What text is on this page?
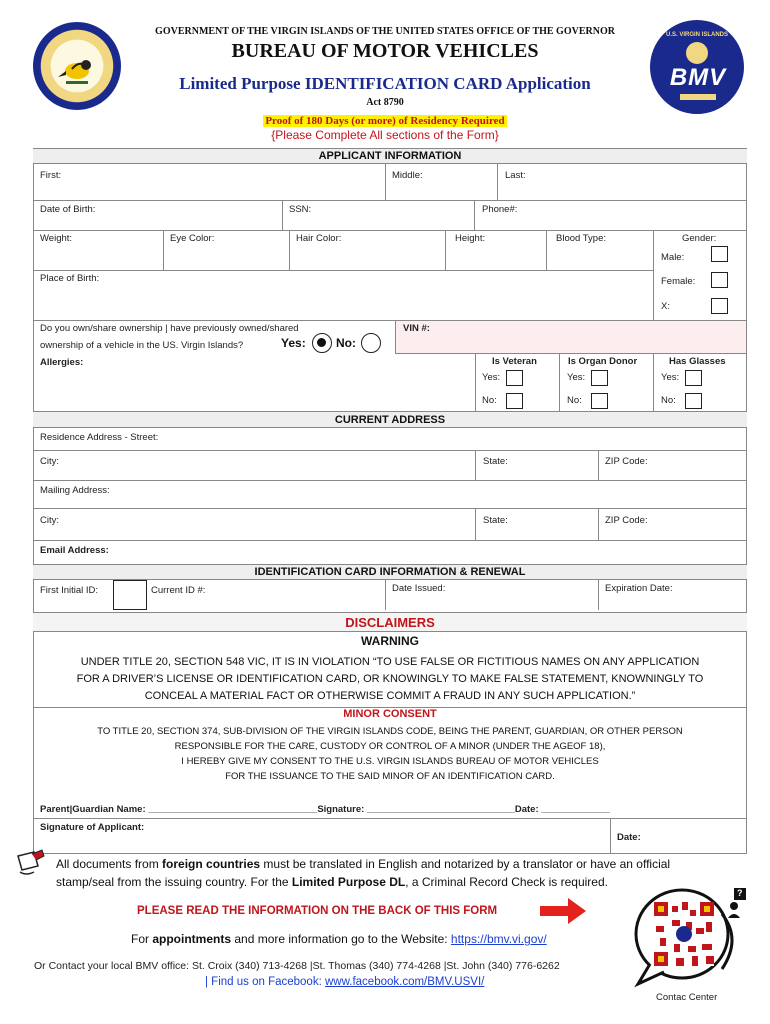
GOVERNMENT OF THE VIRGIN ISLANDS OF THE UNITED STATES OFFICE OF THE GOVERNOR
BUREAU OF MOTOR VEHICLES
Limited Purpose IDENTIFICATION CARD Application
Act 8790
Proof of 180 Days (or more) of Residency Required
{Please Complete All sections of the Form}
U.S. VIRGIN ISLANDS
BMV
APPLICANT INFORMATION
First:	Middle:	Last:
Date of Birth:	SSN:	Phone#:
Weight:	Eye Color:	Hair Color:	Height:	Blood Type:	Gender:
Male:
Female:
X:
Place of Birth:
Do you own/share ownership | have previously owned/shared
ownership of a vehicle in the US. Virgin Islands?	Yes:	No:
VIN #:
Allergies:	Is Veteran
Yes:
No:
Is Organ Donor
Yes:
No:
Has Glasses
Yes:
No:
CURRENT ADDRESS
Residence Address - Street:
City:	State:	ZIP Code:
Mailing Address:
City:	State:	ZIP Code:
Email Address:
IDENTIFICATION CARD INFORMATION & RENEWAL
First Initial ID:	Current ID #:	Date Issued:	Expiration Date:
DISCLAIMERS
WARNING
UNDER TITLE 20, SECTION 548 VIC, IT IS IN VIOLATION “TO USE FALSE OR FICTITIOUS NAMES ON ANY APPLICATION
FOR A DRIVER’S LICENSE OR IDENTIFICATION CARD, OR KNOWINGLY TO MAKE FALSE STATEMENT, KNOWNINGLY TO
CONCEAL A MATERIAL FACT OR OTHERWISE COMMIT A FRAUD IN ANY SUCH APPLICATION.”
MINOR CONSENT
TO TITLE 20, SECTION 374, SUB-DIVISION OF THE VIRGIN ISLANDS CODE, BEING THE PARENT, GUARDIAN, OR OTHER PERSON
RESPONSIBLE FOR THE CARE, CUSTODY OR CONTROL OF A MINOR (UNDER THE AGEOF 18),
I HEREBY GIVE MY CONSENT TO THE U.S. VIRGIN ISLANDS BUREAU OF MOTOR VEHICLES
FOR THE ISSUANCE TO THE SAID MINOR OF AN IDENTIFICATION CARD.
Parent|Guardian Name: ________________________________Signature: ____________________________Date: _____________
Signature of Applicant:
Date:
All documents from foreign countries must be translated in English and notarized by a translator or have an official
stamp/seal from the issuing country. For the Limited Purpose DL, a Criminal Record Check is required.
PLEASE READ THE INFORMATION ON THE BACK OF THIS FORM
For appointments and more information go to the Website: https://bmv.vi.gov/
Or Contact your local BMV office: St. Croix (340) 713-4268 |St. Thomas (340) 774-4268 |St. John (340) 776-6262
| Find us on Facebook: www.facebook.com/BMV.USVI/
?
Contac Center
